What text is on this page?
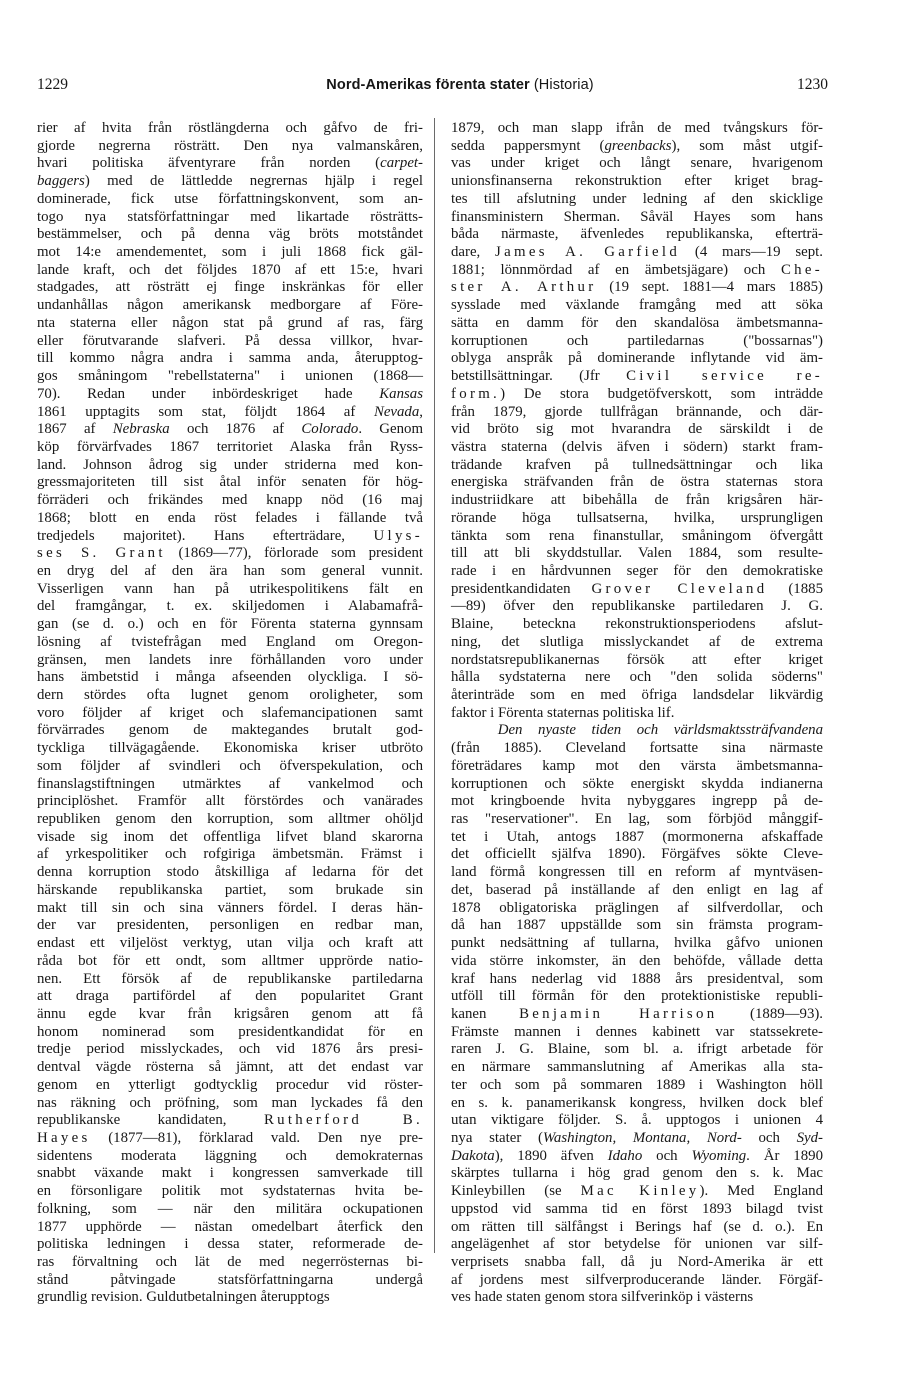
1229	Nord-Amerikas förenta stater (Historia)	1230
rier af hvita från röstlängderna och gåfvo de fri-
gjorde negrerna rösträtt. Den nya valmanskåren,
hvari politiska äfventyrare från norden (carpet-
baggers) med de lättledde negrernas hjälp i regel
dominerade, fick utse författningskonvent, som an-
togo nya statsförfattningar med likartade rösträtts-
bestämmelser, och på denna väg bröts motståndet
mot 14:e amendementet, som i juli 1868 fick gäl-
lande kraft, och det följdes 1870 af ett 15:e, hvari
stadgades, att rösträtt ej finge inskränkas för eller
undanhållas någon amerikansk medborgare af Före-
nta staterna eller någon stat på grund af ras, färg
eller förutvarande slafveri. På dessa villkor, hvar-
till kommo några andra i samma anda, återupptog-
gos småningom "rebellstaterna" i unionen (1868—
70). Redan under inbördeskriget hade Kansas
1861 upptagits som stat, följdt 1864 af Nevada,
1867 af Nebraska och 1876 af Colorado. Genom
köp förvärfvades 1867 territoriet Alaska från Ryss-
land. Johnson ådrog sig under striderna med kon-
gressmajoriteten till sist åtal inför senaten för hög-
förräderi och frikändes med knapp nöd (16 maj
1868; blott en enda röst felades i fällande två
tredjedels majoritet). Hans efterträdare, Ulys-
ses S. Grant (1869—77), förlorade som president
en dryg del af den ära han som general vunnit.
Visserligen vann han på utrikespolitikens fält en
del framgångar, t. ex. skiljedomen i Alabamafrå-
gan (se d. o.) och en för Förenta staterna gynnsam
lösning af tvistefrågan med England om Oregon-
gränsen, men landets inre förhållanden voro under
hans ämbetstid i många afseenden olyckliga. I sö-
dern stördes ofta lugnet genom oroligheter, som
voro följder af kriget och slafemancipationen samt
förvärrades genom de maktegandes brutalt god-
tyckliga tillvägagående. Ekonomiska kriser utbröto
som följder af svindleri och öfverspekulation, och
finanslagstiftningen utmärktes af vankelmod och
principlöshet. Framför allt förstördes och vanärades
republiken genom den korruption, som alltmer ohöljd
visade sig inom det offentliga lifvet bland skarorna
af yrkespolitiker och rofgiriga ämbetsmän. Främst i
denna korruption stodo åtskilliga af ledarna för det
härskande republikanska partiet, som brukade sin
makt till sin och sina vänners fördel. I deras hän-
der var presidenten, personligen en redbar man,
endast ett viljelöst verktyg, utan vilja och kraft att
råda bot för ett ondt, som alltmer upprörde natio-
nen. Ett försök af de republikanske partiledarna
att draga partifördel af den popularitet Grant
ännu egde kvar från krigsåren genom att få
honom nominerad som presidentkandidat för en
tredje period misslyckades, och vid 1876 års presi-
dentval vägde rösterna så jämnt, att det endast var
genom en ytterligt godtycklig procedur vid röster-
nas räkning och pröfning, som man lyckades få den
republikanske kandidaten, Rutherford B.
Hayes (1877—81), förklarad vald. Den nye pre-
sidentens moderata läggning och demokraternas
snabbt växande makt i kongressen samverkade till
en försonligare politik mot sydstaternas hvita be-
folkning, som — när den militära ockupationen
1877 upphörde — nästan omedelbart återfick den
politiska ledningen i dessa stater, reformerade de-
ras förvaltning och lät de med negerrösternas bi-
stånd påtvingade statsförfattningarna undergå
grundlig revision. Guldutbetalningen återupptogs
1879, och man slapp ifrån de med tvångskurs för-
sedda pappersmynt (greenbacks), som måst utgif-
vas under kriget och långt senare, hvarigenom
unionsfinanserna rekonstruktion efter kriget brag-
tes till afslutning under ledning af den skicklige
finansministern Sherman. Såväl Hayes som hans
båda närmaste, äfvenledes republikanska, efterträ-
dare, James A. Garfield (4 mars—19 sept.
1881; lönnmördad af en ämbetsjägare) och Che-
ster A. Arthur (19 sept. 1881—4 mars 1885)
sysslade med växlande framgång med att söka
sätta en damm för den skandalösa ämbetsmanna-
korruptionen och partiledarnas ("bossarnas")
oblyga anspråk på dominerande inflytande vid äm-
betstillsättningar. (Jfr Civil service re-
form.) De stora budgetöfverskott, som inträdde
från 1879, gjorde tullfrågan brännande, och där-
vid bröto sig mot hvarandra de särskildt i de
västra staterna (delvis äfven i södern) starkt fram-
trädande krafven på tullnedsättningar och lika
energiska sträfvanden från de östra staternas stora
industriidkare att bibehålla de från krigsåren här-
rörande höga tullsatserna, hvilka, ursprungligen
tänkta som rena finanstullar, småningom öfvergått
till att bli skyddstullar. Valen 1884, som resulte-
rade i en hårdvunnen seger för den demokratiske
presidentkandidaten Grover Cleveland (1885
—89) öfver den republikanske partiledaren J. G.
Blaine, beteckna rekonstruktionsperiodens afslut-
ning, det slutliga misslyckandet af de extrema
nordstatsrepublikanernas försök att efter kriget
hålla sydstaterna nere och "den solida söderns"
återinträde som en med öfriga landsdelar likvärdig
faktor i Förenta staternas politiska lif.
Den nyaste tiden och världsmaktssträfvandena
(från 1885). Cleveland fortsatte sina närmaste
företrädares kamp mot den värsta ämbetsmanna-
korruptionen och sökte energiskt skydda indianerna
mot kringboende hvita nybyggares ingrepp på de-
ras "reservationer". En lag, som förbjöd månggif-
tet i Utah, antogs 1887 (mormonerna afskaffade
det officiellt själfva 1890). Förgäfves sökte Cleve-
land förmå kongressen till en reform af myntväsen-
det, baserad på inställande af den enligt en lag af
1878 obligatoriska präglingen af silfverdollar, och
då han 1887 uppställde som sin främsta program-
punkt nedsättning af tullarna, hvilka gåfvo unionen
vida större inkomster, än den behöfde, vållade detta
kraf hans nederlag vid 1888 års presidentval, som
utföll till förmån för den protektionistiske republi-
kanen Benjamin Harrison (1889—93).
Främste mannen i dennes kabinett var statssekrete-
raren J. G. Blaine, som bl. a. ifrigt arbetade för
en närmare sammanslutning af Amerikas alla sta-
ter och som på sommaren 1889 i Washington höll
en s. k. panamerikansk kongress, hvilken dock blef
utan viktigare följder. S. å. upptogos i unionen 4
nya stater (Washington, Montana, Nord- och Syd-
Dakota), 1890 äfven Idaho och Wyoming. År 1890
skärptes tullarna i hög grad genom den s. k. Mac
Kinleybillen (se Mac Kinley). Med England
uppstod vid samma tid en först 1893 bilagd tvist
om rätten till sälfångst i Berings haf (se d. o.). En
angelägenhet af stor betydelse för unionen var silf-
verprisets snabba fall, då ju Nord-Amerika är ett
af jordens mest silfverproducerande länder. Förgäf-
ves hade staten genom stora silfverinköp i västerns
